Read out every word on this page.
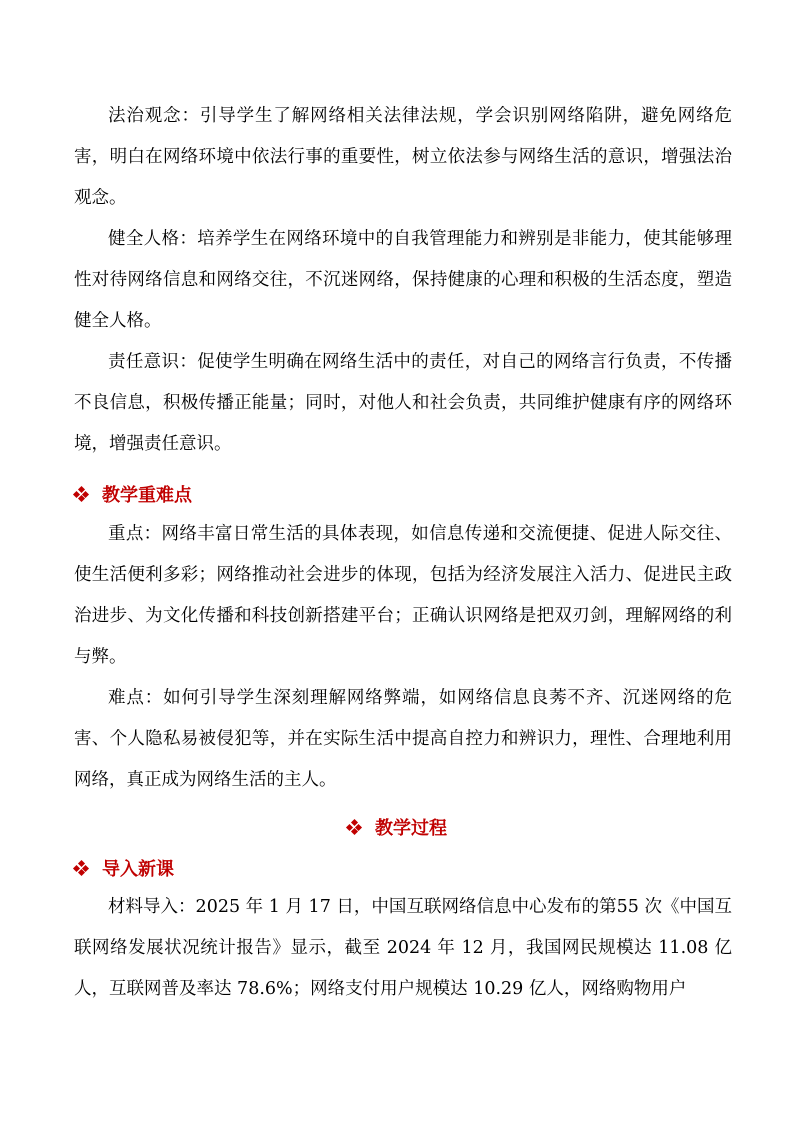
法治观念：引导学生了解网络相关法律法规，学会识别网络陷阱，避免网络危害，明白在网络环境中依法行事的重要性，树立依法参与网络生活的意识，增强法治观念。

健全人格：培养学生在网络环境中的自我管理能力和辨别是非能力，使其能够理性对待网络信息和网络交往，不沉迷网络，保持健康的心理和积极的生活态度，塑造健全人格。

责任意识：促使学生明确在网络生活中的责任，对自己的网络言行负责，不传播不良信息，积极传播正能量；同时，对他人和社会负责，共同维护健康有序的网络环境，增强责任意识。

教学重难点

重点：网络丰富日常生活的具体表现，如信息传递和交流便捷、促进人际交往、使生活便利多彩；网络推动社会进步的体现，包括为经济发展注入活力、促进民主政治进步、为文化传播和科技创新搭建平台；正确认识网络是把双刃剑，理解网络的利与弊。

难点：如何引导学生深刻理解网络弊端，如网络信息良莠不齐、沉迷网络的危害、个人隐私易被侵犯等，并在实际生活中提高自控力和辨识力，理性、合理地利用网络，真正成为网络生活的主人。

教学过程
导入新课

材料导入：2025 年 1 月 17 日，中国互联网络信息中心发布的第55 次《中国互联网络发展状况统计报告》显示，截至 2024 年 12 月，我国网民规模达 11.08 亿人，互联网普及率达 78.6%；网络支付用户规模达 10.29 亿人，网络购物用户
